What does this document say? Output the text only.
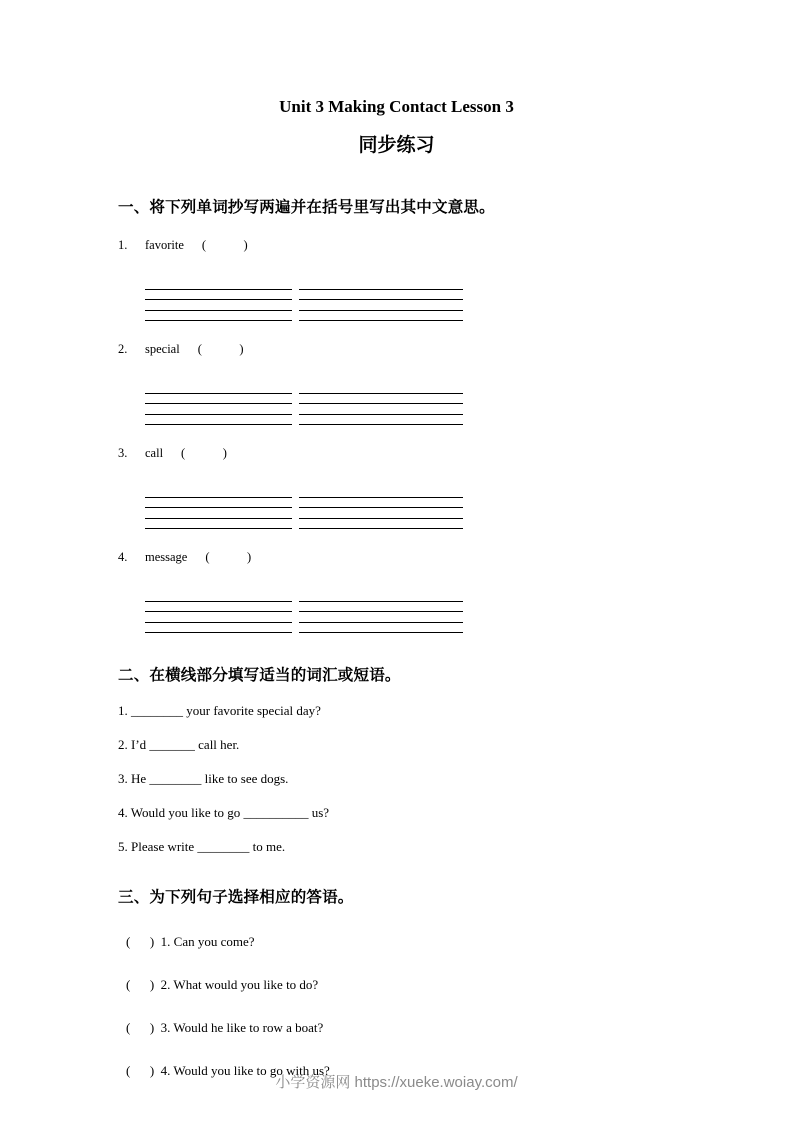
Unit 3 Making Contact Lesson 3
同步练习
一、将下列单词抄写两遍并在括号里写出其中文意思。
1. favorite (            )
2. special (            )
3. call (            )
4. message (            )
二、在横线部分填写适当的词汇或短语。
1. ________ your favorite special day?
2. I’d _______ call her.
3. He ________ like to see dogs.
4. Would you like to go __________ us?
5. Please write ________ to me.
三、为下列句子选择相应的答语。
(      )  1. Can you come?
(      )  2. What would you like to do?
(      )  3. Would he like to row a boat?
(      )  4. Would you like to go with us?
小学资源网 https://xueke.woiay.com/
